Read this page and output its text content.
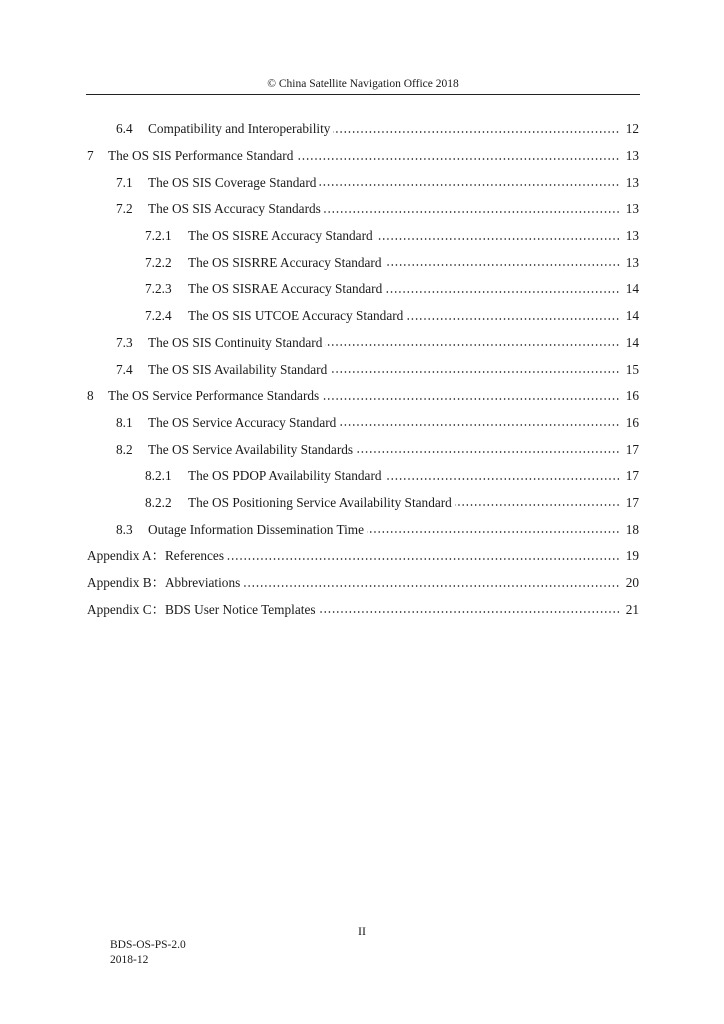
© China Satellite Navigation Office 2018
6.4	Compatibility and Interoperability	12
7	The OS SIS Performance Standard	13
7.1	The OS SIS Coverage Standard	13
7.2	The OS SIS Accuracy Standards	13
7.2.1	The OS SISRE Accuracy Standard	13
7.2.2	The OS SISRRE Accuracy Standard	13
7.2.3	The OS SISRAE Accuracy Standard	14
7.2.4	The OS SIS UTCOE Accuracy Standard	14
7.3	The OS SIS Continuity Standard	14
7.4	The OS SIS Availability Standard	15
8	The OS Service Performance Standards	16
8.1	The OS Service Accuracy Standard	16
8.2	The OS Service Availability Standards	17
8.2.1	The OS PDOP Availability Standard	17
8.2.2	The OS Positioning Service Availability Standard	17
8.3	Outage Information Dissemination Time	18
Appendix A： References	19
Appendix B： Abbreviations	20
Appendix C： BDS User Notice Templates	21
II
BDS-OS-PS-2.0
2018-12
